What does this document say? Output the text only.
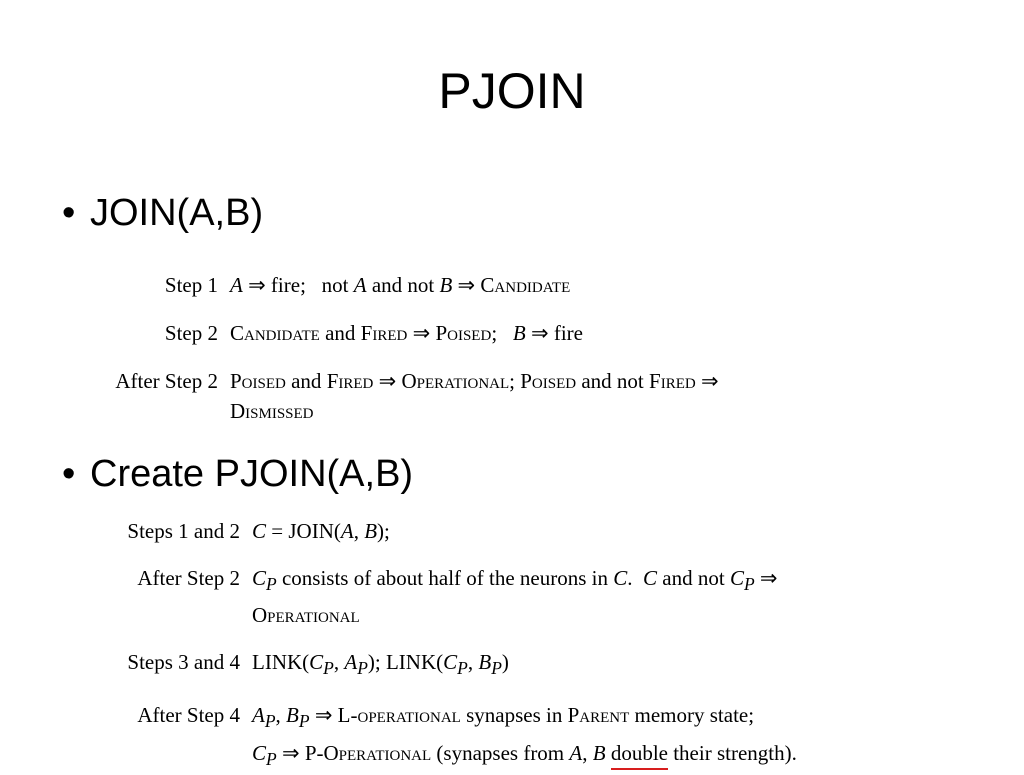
PJOIN
• JOIN(A,B)
Step 1 A ⇒ fire;   not A and not B ⇒ Candidate
Step 2 Candidate and Fired ⇒ Poised;   B ⇒ fire
After Step 2 Poised and Fired ⇒ Operational; Poised and not Fired ⇒
Dismissed
• Create PJOIN(A,B)
Steps 1 and 2 C = JOIN(A, B);
After Step 2 $C_P$ consists of about half of the neurons in C.  C and not $C_P$ ⇒
Operational
Steps 3 and 4 $LINK(C_P$, $A_P$); $LINK(C_P$, $B_P$)
After Step 4 $A_P$, $B_P$ ⇒ L-operational synapses in Parent memory state;
$C_P$ ⇒ P-Operational (synapses from A, B double their strength).
